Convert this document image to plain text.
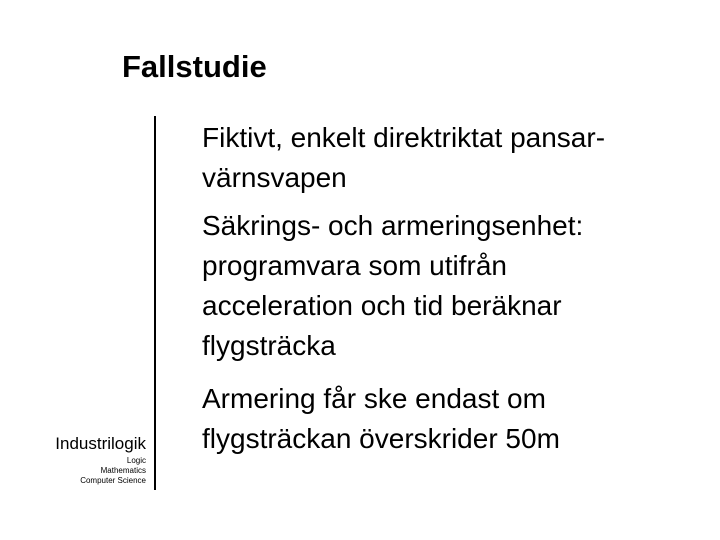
Fallstudie
Fiktivt, enkelt direktriktat pansar-
värnsvapen
Säkrings- och armeringsenhet:
programvara som utifrån
acceleration och tid beräknar
flygsträcka
Armering får ske endast om
flygsträckan överskrider 50m
Industrilogik
Logic
Mathematics
Computer Science
